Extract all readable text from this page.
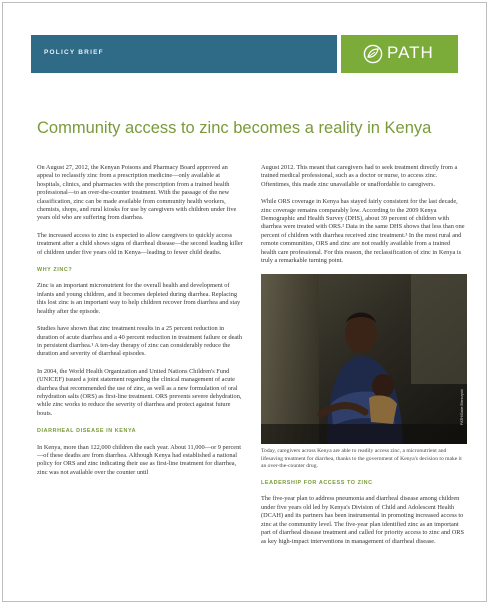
POLICY BRIEF	PATH
Community access to zinc becomes a reality in Kenya

On August 27, 2012, the Kenyan Poisons and Pharmacy Board approved an appeal to reclassify zinc from a prescription medicine—only available at hospitals, clinics, and pharmacies with the prescription from a trained health professional—to an over-the-counter treatment. With the passage of the new classification, zinc can be made available from community health workers, chemists, shops, and rural kiosks for use by caregivers with children under five years old who are suffering from diarrhea.

The increased access to zinc is expected to allow caregivers to quickly access treatment after a child shows signs of diarrheal disease—the second leading killer of children under five years old in Kenya—leading to fewer child deaths.

WHY ZINC?

Zinc is an important micronutrient for the overall health and development of infants and young children, and it becomes depleted during diarrhea. Replacing this lost zinc is an important way to help children recover from diarrhea and stay healthy after the episode.

Studies have shown that zinc treatment results in a 25 percent reduction in duration of acute diarrhea and a 40 percent reduction in treatment failure or death in persistent diarrhea.¹ A ten-day therapy of zinc can considerably reduce the duration and severity of diarrheal episodes.

In 2004, the World Health Organization and United Nations Children's Fund (UNICEF) issued a joint statement regarding the clinical management of acute diarrhea that recommended the use of zinc, as well as a new formulation of oral rehydration salts (ORS) as first-line treatment. ORS prevents severe dehydration, while zinc works to reduce the severity of diarrhea and protect against future bouts.

DIARRHEAL DISEASE IN KENYA

In Kenya, more than 122,000 children die each year. About 11,000—or 9 percent—of these deaths are from diarrhea. Although Kenya had established a national policy for ORS and zinc indicating their use as first-line treatment for diarrhea, zinc was not available over the counter until

August 2012. This meant that caregivers had to seek treatment directly from a trained medical professional, such as a doctor or nurse, to access zinc. Oftentimes, this made zinc unavailable or unaffordable to caregivers.

While ORS coverage in Kenya has stayed fairly consistent for the last decade, zinc coverage remains comparably low. According to the 2009 Kenya Demographic and Health Survey (DHS), about 39 percent of children with diarrhea were treated with ORS.² Data in the same DHS shows that less than one percent of children with diarrhea received zinc treatment.³ In the most rural and remote communities, ORS and zinc are not readily available from a trained health care professional. For this reason, the reclassification of zinc in Kenya is truly a remarkable turning point.

PATH/Gabe Bienczycki

Today, caregivers across Kenya are able to readily access zinc, a micronutrient and lifesaving treatment for diarrhea, thanks to the government of Kenya's decision to make it an over-the-counter drug.

LEADERSHIP FOR ACCESS TO ZINC

The five-year plan to address pneumonia and diarrheal disease among children under five years old led by Kenya's Division of Child and Adolescent Health (DCAH) and its partners has been instrumental in promoting increased access to zinc at the community level. The five-year plan identified zinc as an important part of diarrheal disease treatment and called for priority access to zinc and ORS as key high-impact interventions in management of diarrheal disease.
